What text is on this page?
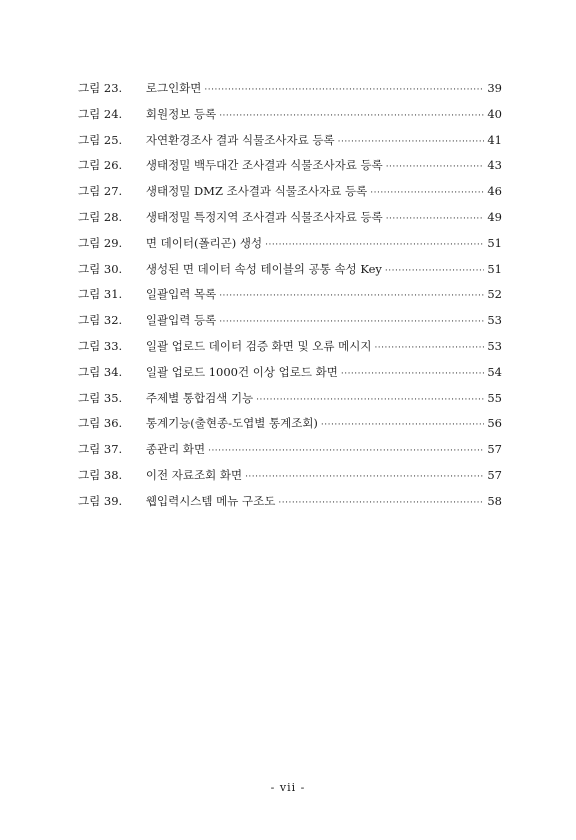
그림 23. 로그인화면 ·····	39
그림 24. 회원정보 등록 ·····	40
그림 25. 자연환경조사 결과 식물조사자료 등록 ·····	41
그림 26. 생태정밀 백두대간 조사결과 식물조사자료 등록 ·····	43
그림 27. 생태정밀 DMZ 조사결과 식물조사자료 등록 ·····	46
그림 28. 생태정밀 특정지역 조사결과 식물조사자료 등록 ·····	49
그림 29. 면 데이터(폴리곤) 생성 ·····	51
그림 30. 생성된 면 데이터 속성 테이블의 공통 속성 Key ·····	51
그림 31. 일괄입력 목록 ·····	52
그림 32. 일괄입력 등록 ·····	53
그림 33. 일괄 업로드 데이터 검증 화면 및 오류 메시지 ·····	53
그림 34. 일괄 업로드 1000건 이상 업로드 화면 ·····	54
그림 35. 주제별 통합검색 기능 ·····	55
그림 36. 통계기능(출현종-도엽별 통계조회) ·····	56
그림 37. 종관리 화면 ·····	57
그림 38. 이전 자료조회 화면 ·····	57
그림 39. 웹입력시스템 메뉴 구조도 ·····	58
- vii -
